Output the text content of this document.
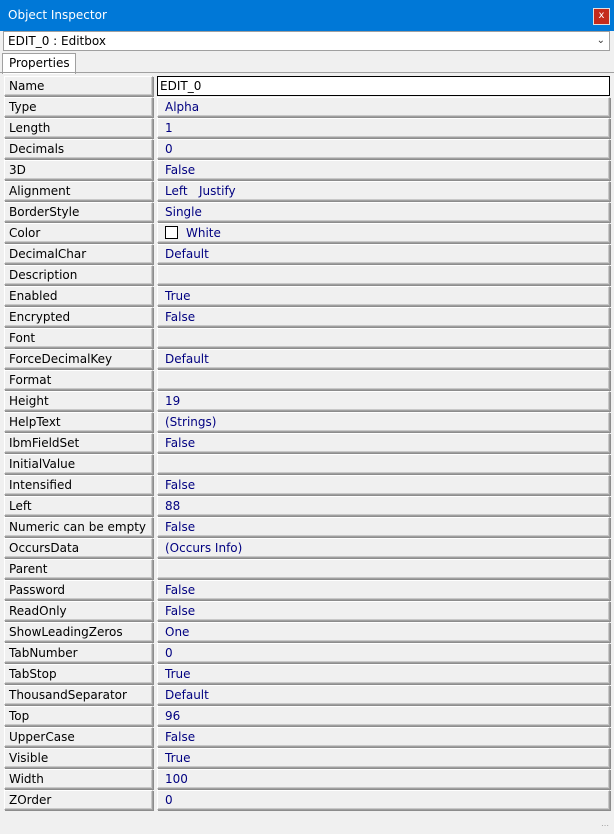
Object Inspector	x
EDIT_0 : Editbox	⌄
Properties
Name	EDIT_0
Type	Alpha
Length	1
Decimals	0
3D	False
Alignment	Left   Justify
BorderStyle	Single
Color	White
DecimalChar	Default
Description
Enabled	True
Encrypted	False
Font
ForceDecimalKey	Default
Format
Height	19
HelpText	(Strings)
IbmFieldSet	False
InitialValue
Intensified	False
Left	88
Numeric can be empty	False
OccursData	(Occurs Info)
Parent
Password	False
ReadOnly	False
ShowLeadingZeros	One
TabNumber	0
TabStop	True
ThousandSeparator	Default
Top	96
UpperCase	False
Visible	True
Width	100
ZOrder	0
⋯
